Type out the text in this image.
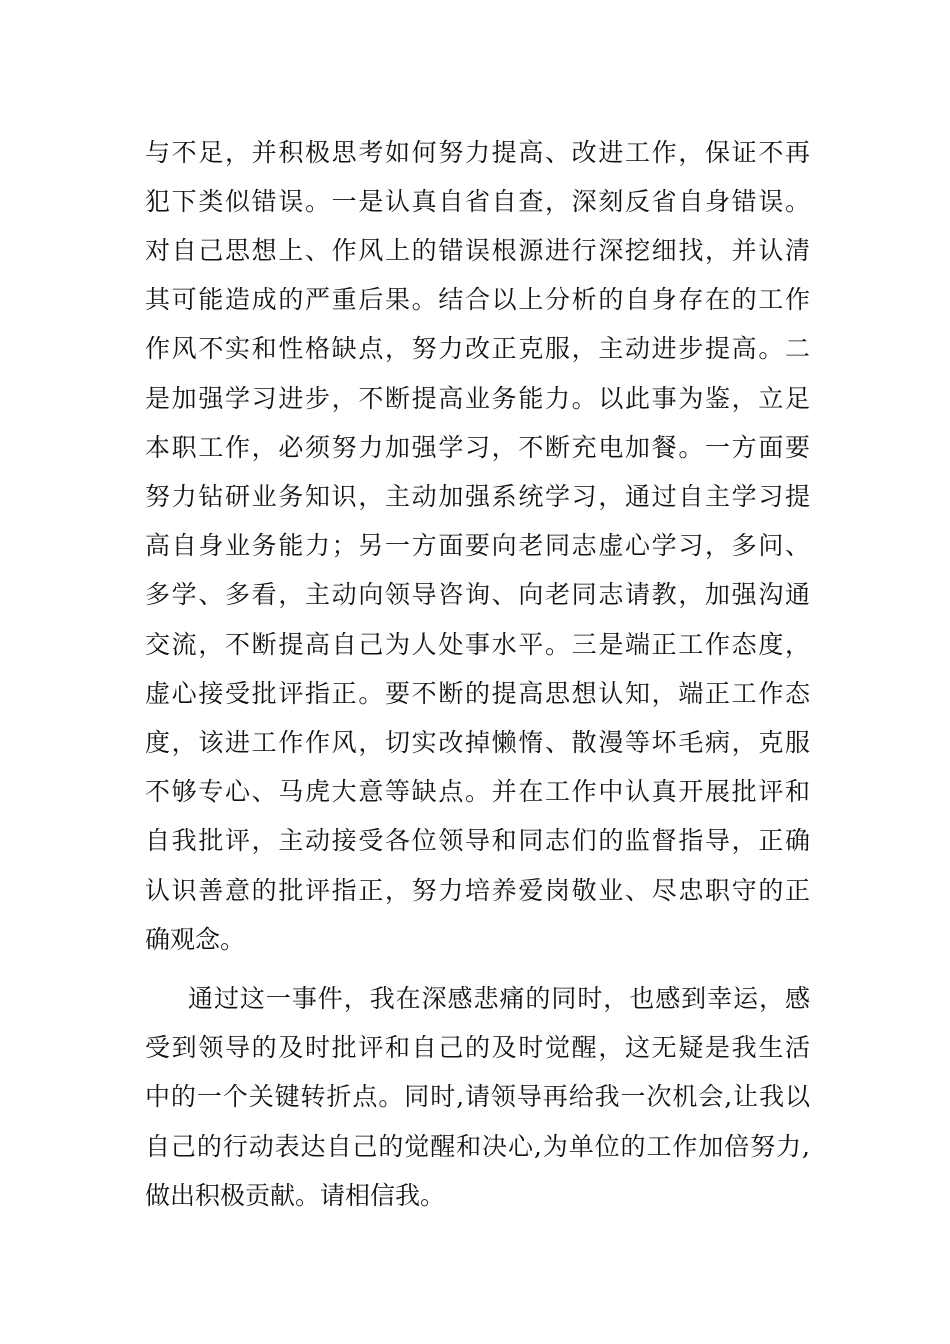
与不足，并积极思考如何努力提高、改进工作，保证不再

犯下类似错误。一是认真自省自查，深刻反省自身错误。

对自己思想上、作风上的错误根源进行深挖细找，并认清

其可能造成的严重后果。结合以上分析的自身存在的工作

作风不实和性格缺点，努力改正克服，主动进步提高。二

是加强学习进步，不断提高业务能力。以此事为鉴，立足

本职工作，必须努力加强学习，不断充电加餐。一方面要

努力钻研业务知识，主动加强系统学习，通过自主学习提

高自身业务能力；另一方面要向老同志虚心学习，多问、

多学、多看，主动向领导咨询、向老同志请教，加强沟通

交流，不断提高自己为人处事水平。三是端正工作态度，

虚心接受批评指正。要不断的提高思想认知，端正工作态

度，该进工作作风，切实改掉懒惰、散漫等坏毛病，克服

不够专心、马虎大意等缺点。并在工作中认真开展批评和

自我批评，主动接受各位领导和同志们的监督指导，正确

认识善意的批评指正，努力培养爱岗敬业、尽忠职守的正

确观念。

通过这一事件，我在深感悲痛的同时，也感到幸运，感

受到领导的及时批评和自己的及时觉醒，这无疑是我生活

中的一个关键转折点。同时,请领导再给我一次机会,让我以

自己的行动表达自己的觉醒和决心,为单位的工作加倍努力,

做出积极贡献。请相信我。
